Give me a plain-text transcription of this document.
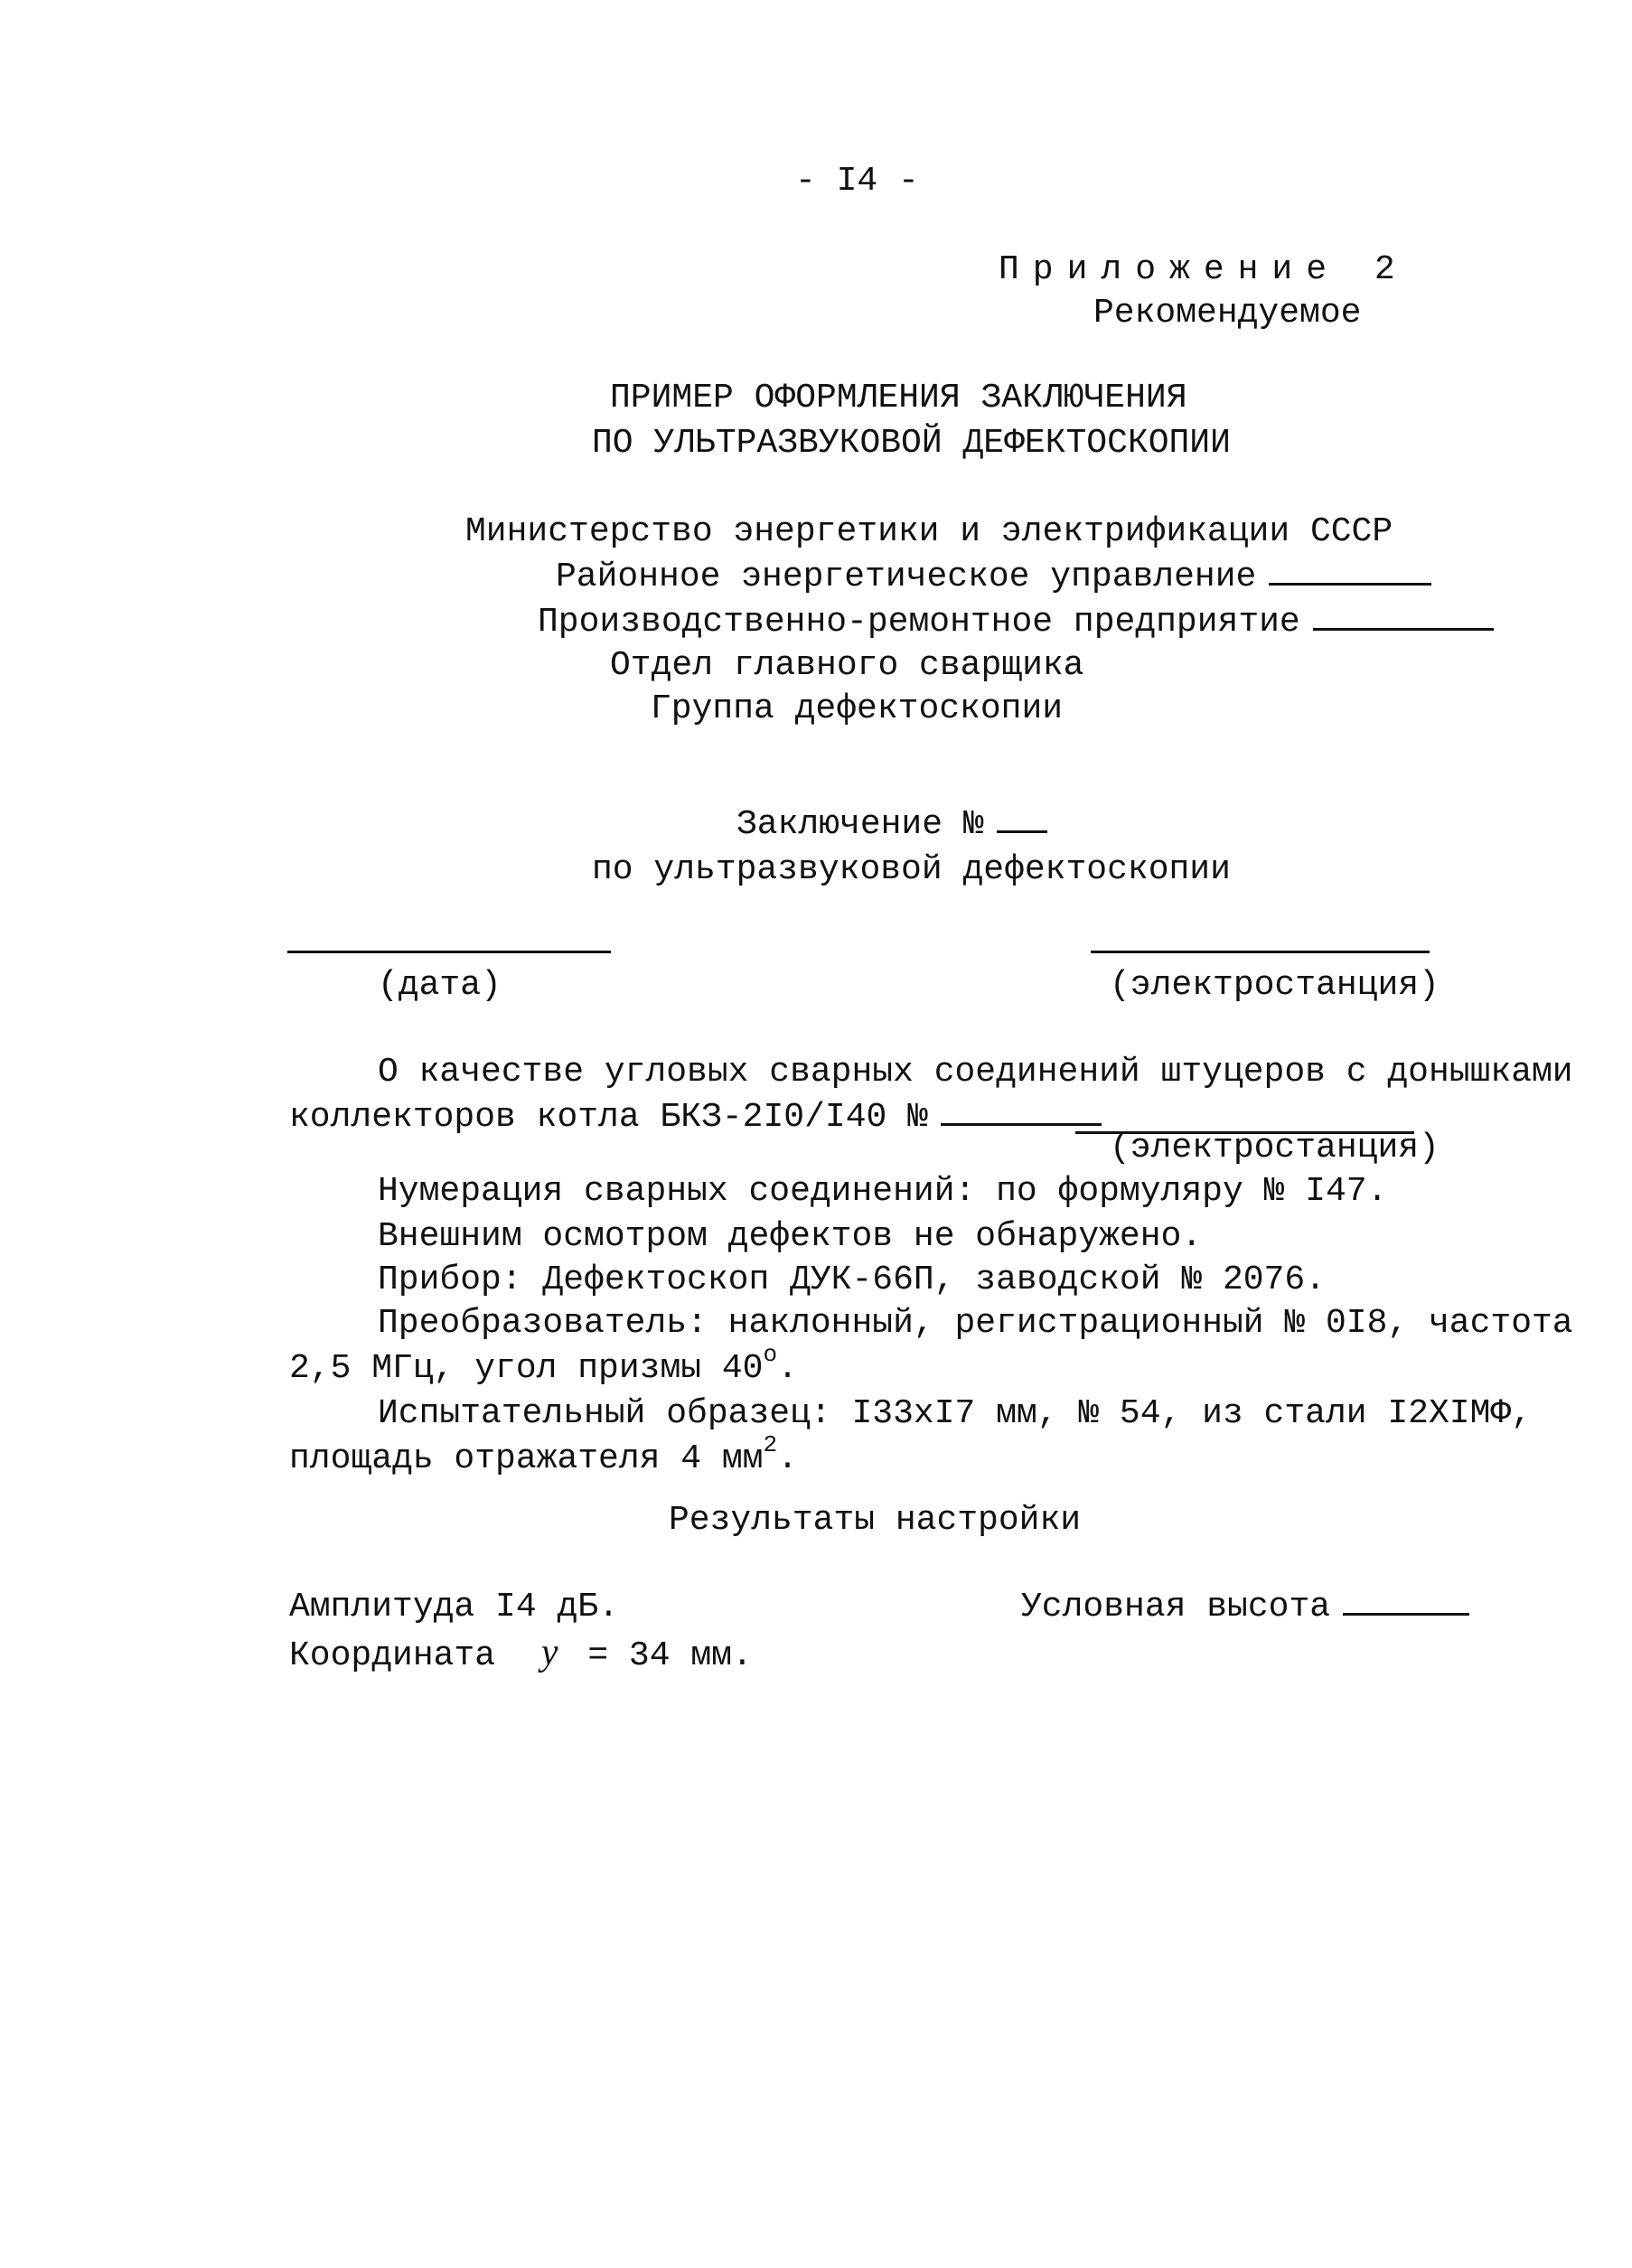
- I4 -
Приложение 2
Рекомендуемое
ПРИМЕР ОФОРМЛЕНИЯ ЗАКЛЮЧЕНИЯ
ПО УЛЬТРАЗВУКОВОЙ ДЕФЕКТОСКОПИИ
Министерство энергетики и электрификации СССР
Районное энергетическое управление
Производственно-ремонтное предприятие
Отдел главного сварщика
Группа дефектоскопии
Заключение №
по ультразвуковой дефектоскопии
(дата)	(электростанция)
О качестве угловых сварных соединений штуцеров с донышками
коллекторов котла БКЗ-2I0/I40 №
(электростанция)
Нумерация сварных соединений: по формуляру № I47.
Внешним осмотром дефектов не обнаружено.
Прибор: Дефектоскоп ДУК-66П, заводской № 2076.
Преобразователь: наклонный, регистрационный № 0I8, частота
2,5 МГц, угол призмы $40^о$.
Испытательный образец: I33хI7 мм, № 54, из стали I2ХIМФ,
площадь отражателя 4 $мм^2$.
Результаты настройки
Амплитуда I4 дБ.	Условная высота
Координата y = 34 мм.
